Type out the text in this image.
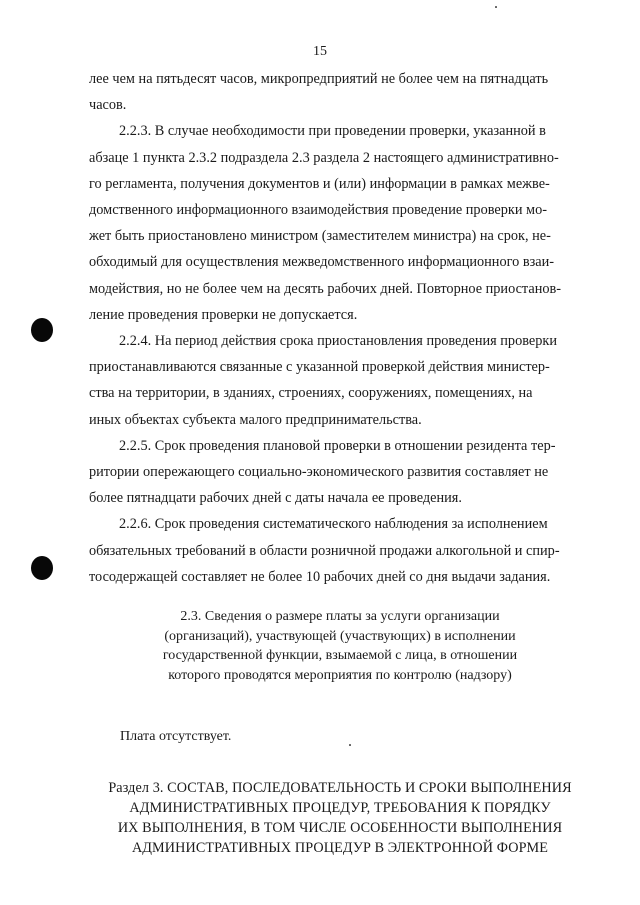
15

лее чем на пятьдесят часов, микропредприятий не более чем на пятнадцать
часов.

2.2.3. В случае необходимости при проведении проверки, указанной в
абзаце 1 пункта 2.3.2 подраздела 2.3 раздела 2 настоящего административно-
го регламента, получения документов и (или) информации в рамках межве-
домственного информационного взаимодействия проведение проверки мо-
жет быть приостановлено министром (заместителем министра) на срок, не-
обходимый для осуществления межведомственного информационного взаи-
модействия, но не более чем на десять рабочих дней. Повторное приостанов-
ление проведения проверки не допускается.

2.2.4. На период действия срока приостановления проведения проверки
приостанавливаются связанные с указанной проверкой действия министер-
ства на территории, в зданиях, строениях, сооружениях, помещениях, на
иных объектах субъекта малого предпринимательства.

2.2.5. Срок проведения плановой проверки в отношении резидента тер-
ритории опережающего социально-экономического развития составляет не
более пятнадцати рабочих дней с даты начала ее проведения.

2.2.6. Срок проведения систематического наблюдения за исполнением
обязательных требований в области розничной продажи алкогольной и спир-
тосодержащей составляет не более 10 рабочих дней со дня выдачи задания.

2.3. Сведения о размере платы за услуги организации
(организаций), участвующей (участвующих) в исполнении
государственной функции, взымаемой с лица, в отношении
которого проводятся мероприятия по контролю (надзору)
Плата отсутствует.
Раздел 3. СОСТАВ, ПОСЛЕДОВАТЕЛЬНОСТЬ И СРОКИ ВЫПОЛНЕНИЯ
АДМИНИСТРАТИВНЫХ ПРОЦЕДУР, ТРЕБОВАНИЯ К ПОРЯДКУ
ИХ ВЫПОЛНЕНИЯ, В ТОМ ЧИСЛЕ ОСОБЕННОСТИ ВЫПОЛНЕНИЯ
АДМИНИСТРАТИВНЫХ ПРОЦЕДУР В ЭЛЕКТРОННОЙ ФОРМЕ
